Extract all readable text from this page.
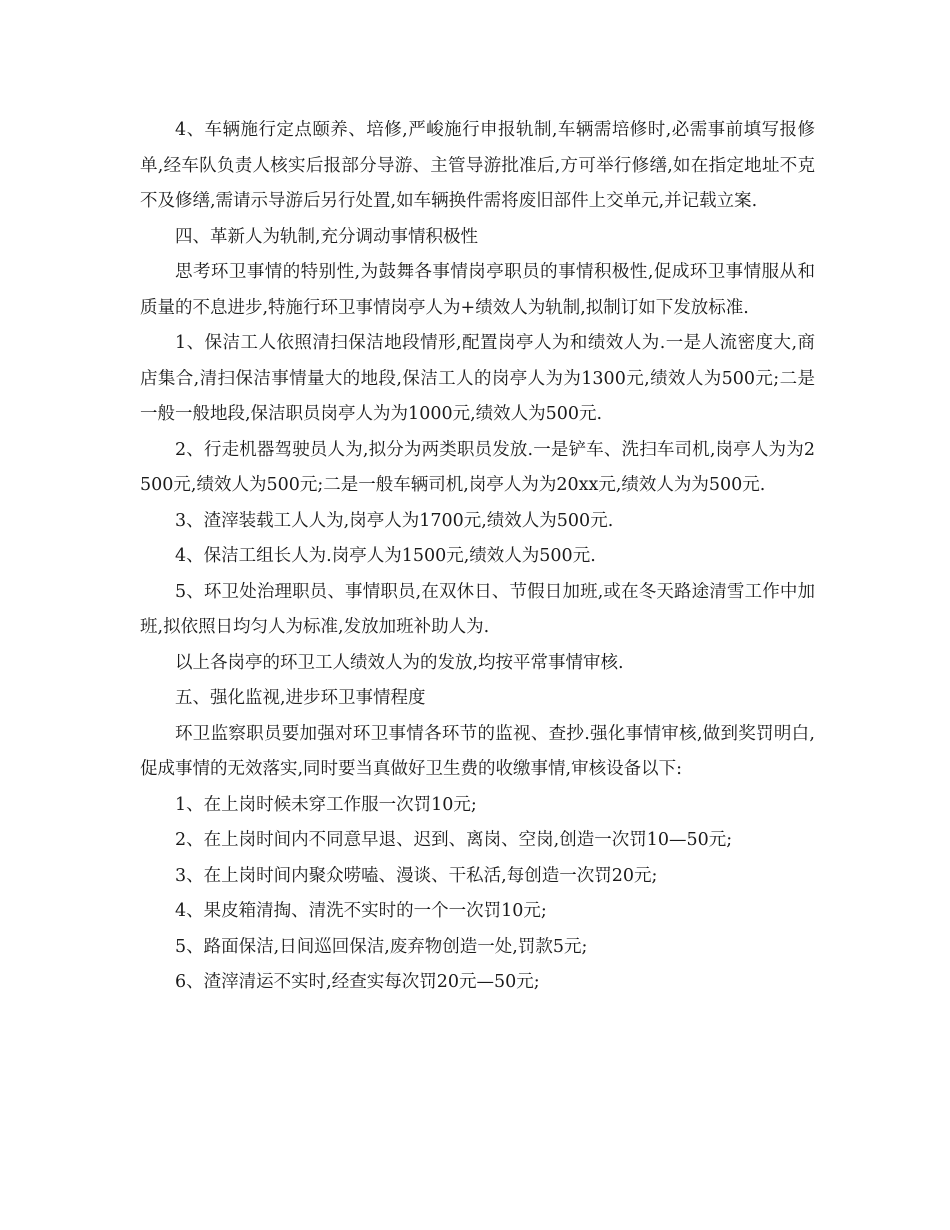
4、车辆施行定点颐养、培修,严峻施行申报轨制,车辆需培修时,必需事前填写报修单,经车队负责人核实后报部分导游、主管导游批准后,方可举行修缮,如在指定地址不克不及修缮,需请示导游后另行处置,如车辆换件需将废旧部件上交单元,并记载立案.

四、革新人为轨制,充分调动事情积极性

思考环卫事情的特别性,为鼓舞各事情岗亭职员的事情积极性,促成环卫事情服从和质量的不息进步,特施行环卫事情岗亭人为+绩效人为轨制,拟制订如下发放标准.

1、保洁工人依照清扫保洁地段情形,配置岗亭人为和绩效人为.一是人流密度大,商店集合,清扫保洁事情量大的地段,保洁工人的岗亭人为为1300元,绩效人为500元;二是一般一般地段,保洁职员岗亭人为为1000元,绩效人为500元.

2、行走机器驾驶员人为,拟分为两类职员发放.一是铲车、洗扫车司机,岗亭人为为2500元,绩效人为500元;二是一般车辆司机,岗亭人为为20xx元,绩效人为为500元.

3、渣滓装载工人人为,岗亭人为1700元,绩效人为500元.

4、保洁工组长人为.岗亭人为1500元,绩效人为500元.

5、环卫处治理职员、事情职员,在双休日、节假日加班,或在冬天路途清雪工作中加班,拟依照日均匀人为标准,发放加班补助人为.

以上各岗亭的环卫工人绩效人为的发放,均按平常事情审核.

五、强化监视,进步环卫事情程度

环卫监察职员要加强对环卫事情各环节的监视、查抄.强化事情审核,做到奖罚明白,促成事情的无效落实,同时要当真做好卫生费的收缴事情,审核设备以下:

1、在上岗时候未穿工作服一次罚10元;

2、在上岗时间内不同意早退、迟到、离岗、空岗,创造一次罚10—50元;

3、在上岗时间内聚众唠嗑、漫谈、干私活,每创造一次罚20元;

4、果皮箱清掏、清洗不实时的一个一次罚10元;

5、路面保洁,日间巡回保洁,废弃物创造一处,罚款5元;

6、渣滓清运不实时,经查实每次罚20元—50元;
